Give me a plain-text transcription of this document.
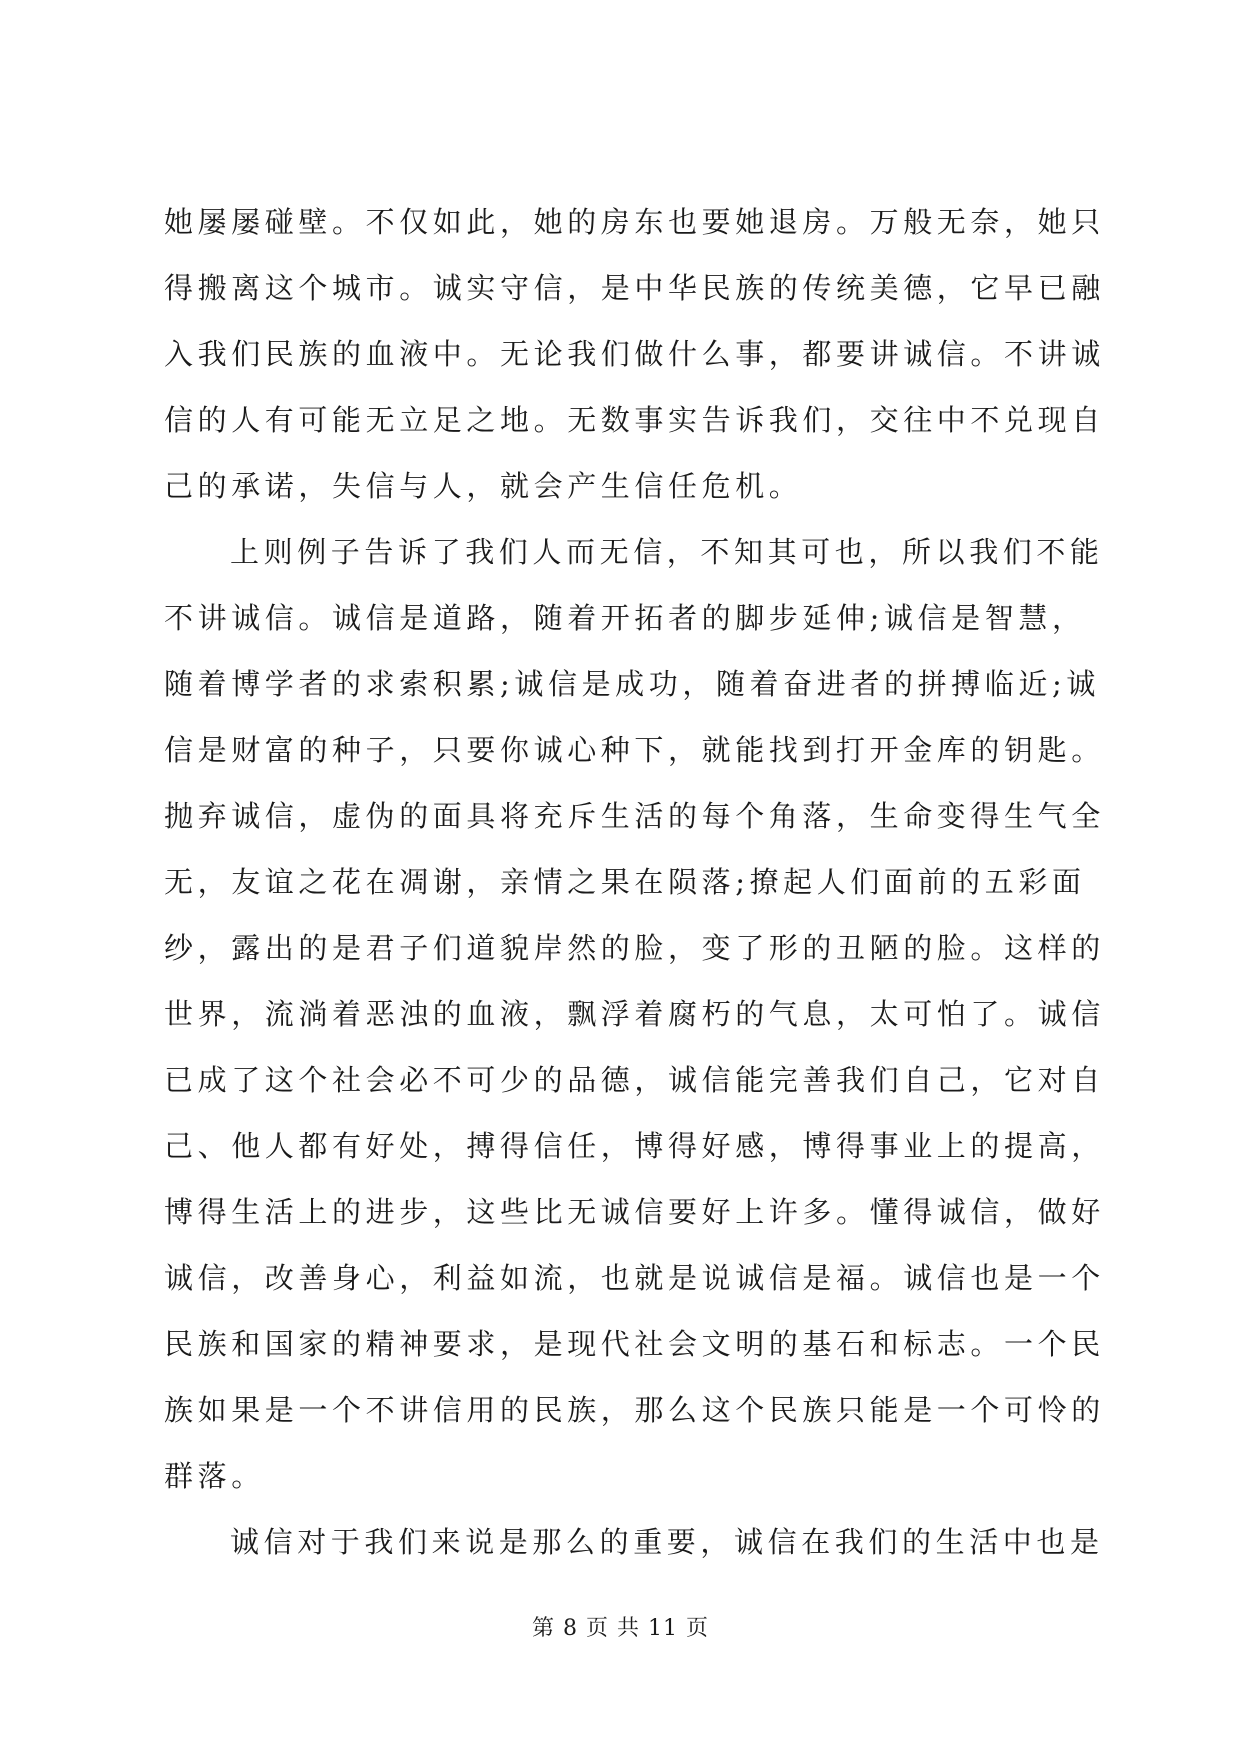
她屡屡碰壁。不仅如此，她的房东也要她退房。万般无奈，她只
得搬离这个城市。诚实守信，是中华民族的传统美德，它早已融
入我们民族的血液中。无论我们做什么事，都要讲诚信。不讲诚
信的人有可能无立足之地。无数事实告诉我们，交往中不兑现自
己的承诺，失信与人，就会产生信任危机。
上则例子告诉了我们人而无信，不知其可也，所以我们不能
不讲诚信。诚信是道路，随着开拓者的脚步延伸;诚信是智慧，
随着博学者的求索积累;诚信是成功，随着奋进者的拼搏临近;诚
信是财富的种子，只要你诚心种下，就能找到打开金库的钥匙。
抛弃诚信，虚伪的面具将充斥生活的每个角落，生命变得生气全
无，友谊之花在凋谢，亲情之果在陨落;撩起人们面前的五彩面
纱，露出的是君子们道貌岸然的脸，变了形的丑陋的脸。这样的
世界，流淌着恶浊的血液，飘浮着腐朽的气息，太可怕了。诚信
已成了这个社会必不可少的品德，诚信能完善我们自己，它对自
己、他人都有好处，搏得信任，博得好感，博得事业上的提高，
博得生活上的进步，这些比无诚信要好上许多。懂得诚信，做好
诚信，改善身心，利益如流，也就是说诚信是福。诚信也是一个
民族和国家的精神要求，是现代社会文明的基石和标志。一个民
族如果是一个不讲信用的民族，那么这个民族只能是一个可怜的
群落。
诚信对于我们来说是那么的重要，诚信在我们的生活中也是
第 8 页 共 11 页
